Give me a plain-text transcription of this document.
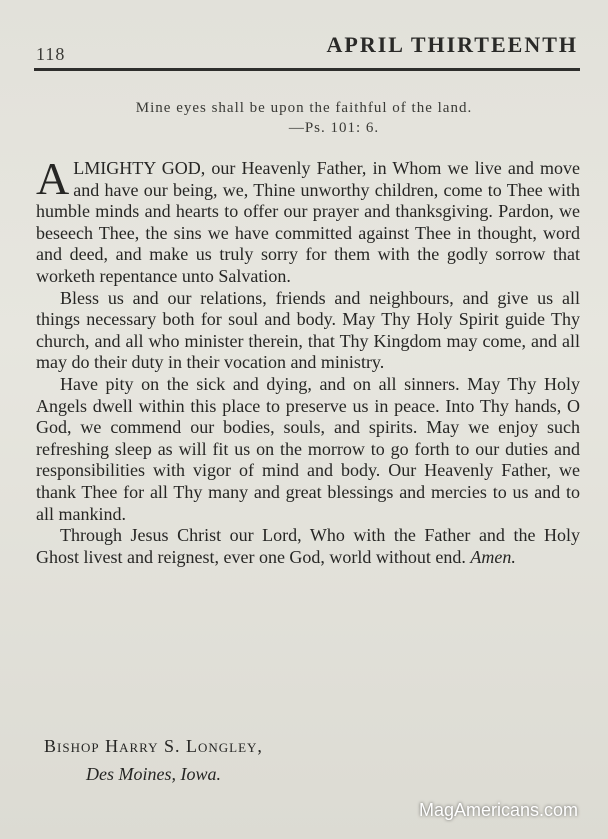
118	APRIL THIRTEENTH
Mine eyes shall be upon the faithful of the land.
—Ps. 101: 6.

ALMIGHTY GOD, our Heavenly Father, in Whom we live and move and have our being, we, Thine unworthy children, come to Thee with humble minds and hearts to offer our prayer and thanksgiving. Pardon, we beseech Thee, the sins we have committed against Thee in thought, word and deed, and make us truly sorry for them with the godly sorrow that worketh repentance unto Salvation.

Bless us and our relations, friends and neighbours, and give us all things necessary both for soul and body. May Thy Holy Spirit guide Thy church, and all who minister therein, that Thy Kingdom may come, and all may do their duty in their vocation and ministry.

Have pity on the sick and dying, and on all sinners. May Thy Holy Angels dwell within this place to preserve us in peace. Into Thy hands, O God, we commend our bodies, souls, and spirits. May we enjoy such refreshing sleep as will fit us on the morrow to go forth to our duties and responsibilities with vigor of mind and body. Our Heavenly Father, we thank Thee for all Thy many and great blessings and mercies to us and to all mankind.

Through Jesus Christ our Lord, Who with the Father and the Holy Ghost livest and reignest, ever one God, world without end. Amen.

Bishop Harry S. Longley,
Des Moines, Iowa.
MagAmericans.com
